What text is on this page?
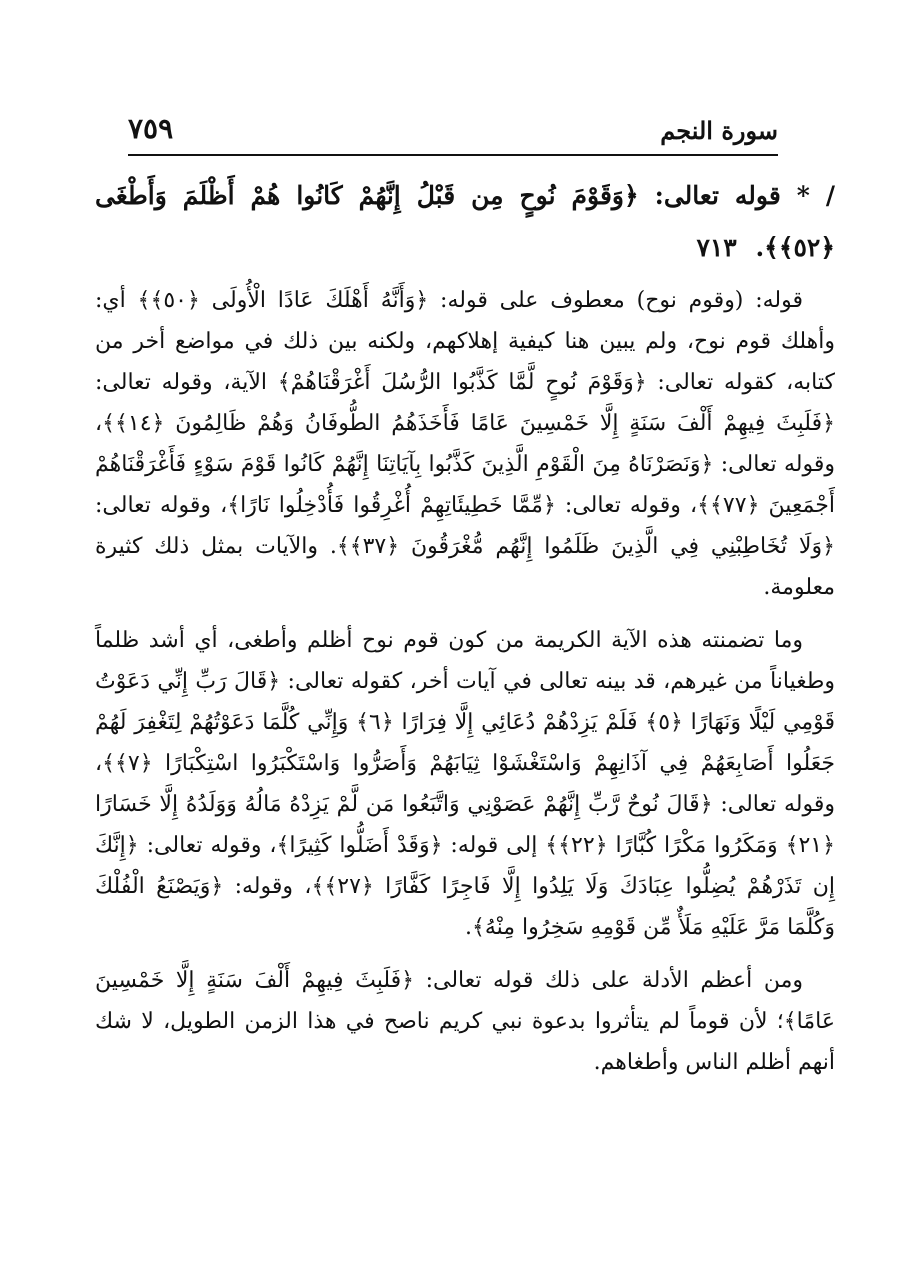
٧٥٩	سورة النجم

/ * قوله تعالى: ﴿وَقَوْمَ نُوحٍ مِن قَبْلُ إِنَّهُمْ كَانُوا هُمْ أَظْلَمَ وَأَطْغَى ﴿٥٢﴾﴾. ٧١٣

قوله: (وقوم نوح) معطوف على قوله: ﴿وَأَنَّهُ أَهْلَكَ عَادًا الْأُولَى ﴿٥٠﴾﴾ أي: وأهلك قوم نوح، ولم يبين هنا كيفية إهلاكهم، ولكنه بين ذلك في مواضع أخر من كتابه، كقوله تعالى: ﴿وَقَوْمَ نُوحٍ لَّمَّا كَذَّبُوا الرُّسُلَ أَغْرَقْنَاهُمْ﴾ الآية، وقوله تعالى: ﴿فَلَبِثَ فِيهِمْ أَلْفَ سَنَةٍ إِلَّا خَمْسِينَ عَامًا فَأَخَذَهُمُ الطُّوفَانُ وَهُمْ ظَالِمُونَ ﴿١٤﴾﴾، وقوله تعالى: ﴿وَنَصَرْنَاهُ مِنَ الْقَوْمِ الَّذِينَ كَذَّبُوا بِآيَاتِنَا إِنَّهُمْ كَانُوا قَوْمَ سَوْءٍ فَأَغْرَقْنَاهُمْ أَجْمَعِينَ ﴿٧٧﴾﴾، وقوله تعالى: ﴿مِّمَّا خَطِيئَاتِهِمْ أُغْرِقُوا فَأُدْخِلُوا نَارًا﴾، وقوله تعالى: ﴿وَلَا تُخَاطِبْنِي فِي الَّذِينَ ظَلَمُوا إِنَّهُم مُّغْرَقُونَ ﴿٣٧﴾﴾. والآيات بمثل ذلك كثيرة معلومة.

وما تضمنته هذه الآية الكريمة من كون قوم نوح أظلم وأطغى، أي أشد ظلماً وطغياناً من غيرهم، قد بينه تعالى في آيات أخر، كقوله تعالى: ﴿قَالَ رَبِّ إِنِّي دَعَوْتُ قَوْمِي لَيْلًا وَنَهَارًا ﴿٥﴾ فَلَمْ يَزِدْهُمْ دُعَائِي إِلَّا فِرَارًا ﴿٦﴾ وَإِنِّي كُلَّمَا دَعَوْتُهُمْ لِتَغْفِرَ لَهُمْ جَعَلُوا أَصَابِعَهُمْ فِي آذَانِهِمْ وَاسْتَغْشَوْا ثِيَابَهُمْ وَأَصَرُّوا وَاسْتَكْبَرُوا اسْتِكْبَارًا ﴿٧﴾﴾، وقوله تعالى: ﴿قَالَ نُوحٌ رَّبِّ إِنَّهُمْ عَصَوْنِي وَاتَّبَعُوا مَن لَّمْ يَزِدْهُ مَالُهُ وَوَلَدُهُ إِلَّا خَسَارًا ﴿٢١﴾ وَمَكَرُوا مَكْرًا كُبَّارًا ﴿٢٢﴾﴾ إلى قوله: ﴿وَقَدْ أَضَلُّوا كَثِيرًا﴾، وقوله تعالى: ﴿إِنَّكَ إِن تَذَرْهُمْ يُضِلُّوا عِبَادَكَ وَلَا يَلِدُوا إِلَّا فَاجِرًا كَفَّارًا ﴿٢٧﴾﴾، وقوله: ﴿وَيَصْنَعُ الْفُلْكَ وَكُلَّمَا مَرَّ عَلَيْهِ مَلَأٌ مِّن قَوْمِهِ سَخِرُوا مِنْهُ﴾.

ومن أعظم الأدلة على ذلك قوله تعالى: ﴿فَلَبِثَ فِيهِمْ أَلْفَ سَنَةٍ إِلَّا خَمْسِينَ عَامًا﴾؛ لأن قوماً لم يتأثروا بدعوة نبي كريم ناصح في هذا الزمن الطويل، لا شك أنهم أظلم الناس وأطغاهم.
